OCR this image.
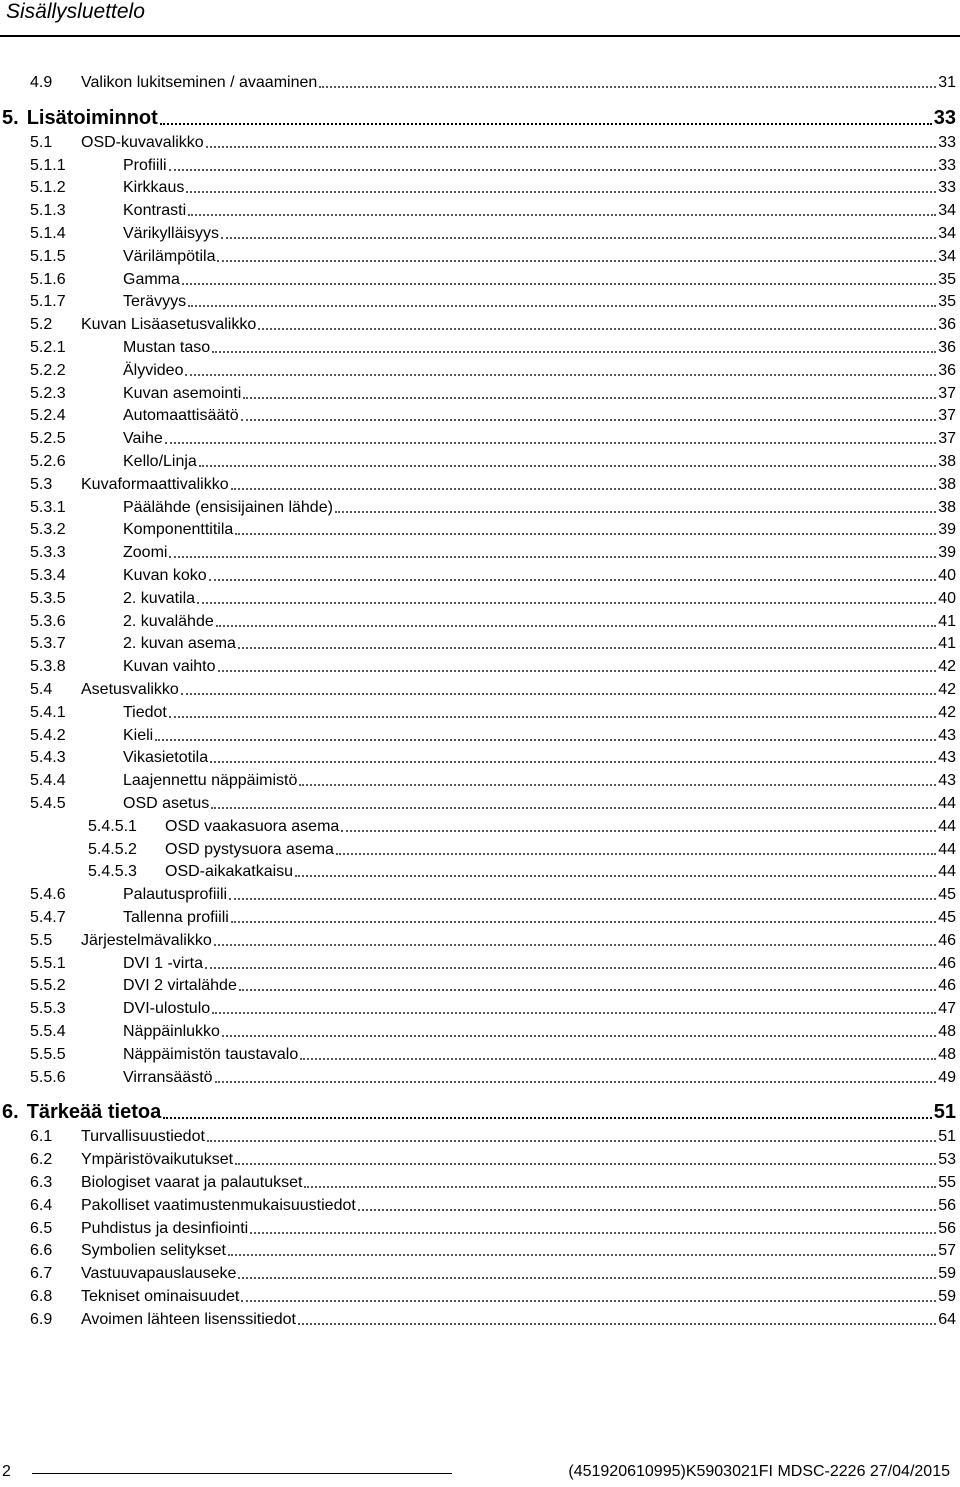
Sisällysluettelo
4.9	Valikon lukitseminen / avaaminen	31
5. Lisätoiminnot	33
5.1	OSD-kuvavalikko	33
5.1.1	Profiili	33
5.1.2	Kirkkaus	33
5.1.3	Kontrasti	34
5.1.4	Värikylläisyys	34
5.1.5	Värilämpötila	34
5.1.6	Gamma	35
5.1.7	Terävyys	35
5.2	Kuvan Lisäasetusvalikko	36
5.2.1	Mustan taso	36
5.2.2	Älyvideo	36
5.2.3	Kuvan asemointi	37
5.2.4	Automaattisäätö	37
5.2.5	Vaihe	37
5.2.6	Kello/Linja	38
5.3	Kuvaformaattivalikko	38
5.3.1	Päälähde (ensisijainen lähde)	38
5.3.2	Komponenttitila	39
5.3.3	Zoomi	39
5.3.4	Kuvan koko	40
5.3.5	2. kuvatila	40
5.3.6	2. kuvalähde	41
5.3.7	2. kuvan asema	41
5.3.8	Kuvan vaihto	42
5.4	Asetusvalikko	42
5.4.1	Tiedot	42
5.4.2	Kieli	43
5.4.3	Vikasietotila	43
5.4.4	Laajennettu näppäimistö	43
5.4.5	OSD asetus	44
5.4.5.1	OSD vaakasuora asema	44
5.4.5.2	OSD pystysuora asema	44
5.4.5.3	OSD-aikakatkaisu	44
5.4.6	Palautusprofiili	45
5.4.7	Tallenna profiili	45
5.5	Järjestelmävalikko	46
5.5.1	DVI 1 -virta	46
5.5.2	DVI 2 virtalähde	46
5.5.3	DVI-ulostulo	47
5.5.4	Näppäinlukko	48
5.5.5	Näppäimistön taustavalo	48
5.5.6	Virransäästö	49
6. Tärkeää tietoa	51
6.1	Turvallisuustiedot	51
6.2	Ympäristövaikutukset	53
6.3	Biologiset vaarat ja palautukset	55
6.4	Pakolliset vaatimustenmukaisuustiedot	56
6.5	Puhdistus ja desinfiointi	56
6.6	Symbolien selitykset	57
6.7	Vastuuvapauslauseke	59
6.8	Tekniset ominaisuudet	59
6.9	Avoimen lähteen lisenssitiedot	64
2	(451920610995)K5903021FI MDSC-2226 27/04/2015
